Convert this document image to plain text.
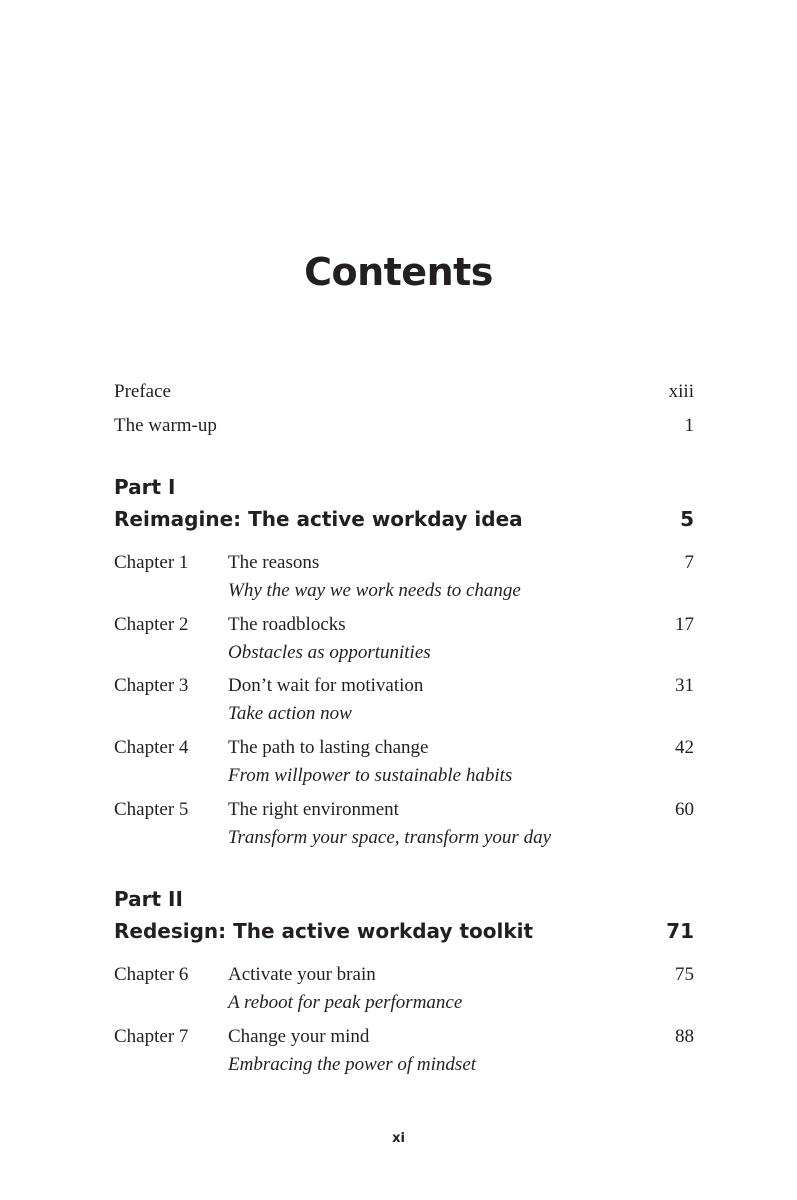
Contents
Preface	xiii
The warm-up	1
Part I
Reimagine: The active workday idea	5
Chapter 1 The reasons	7
Why the way we work needs to change
Chapter 2 The roadblocks	17
Obstacles as opportunities
Chapter 3 Don’t wait for motivation	31
Take action now
Chapter 4 The path to lasting change	42
From willpower to sustainable habits
Chapter 5 The right environment	60
Transform your space, transform your day
Part II
Redesign: The active workday toolkit	71
Chapter 6 Activate your brain	75
A reboot for peak performance
Chapter 7 Change your mind	88
Embracing the power of mindset
xi
